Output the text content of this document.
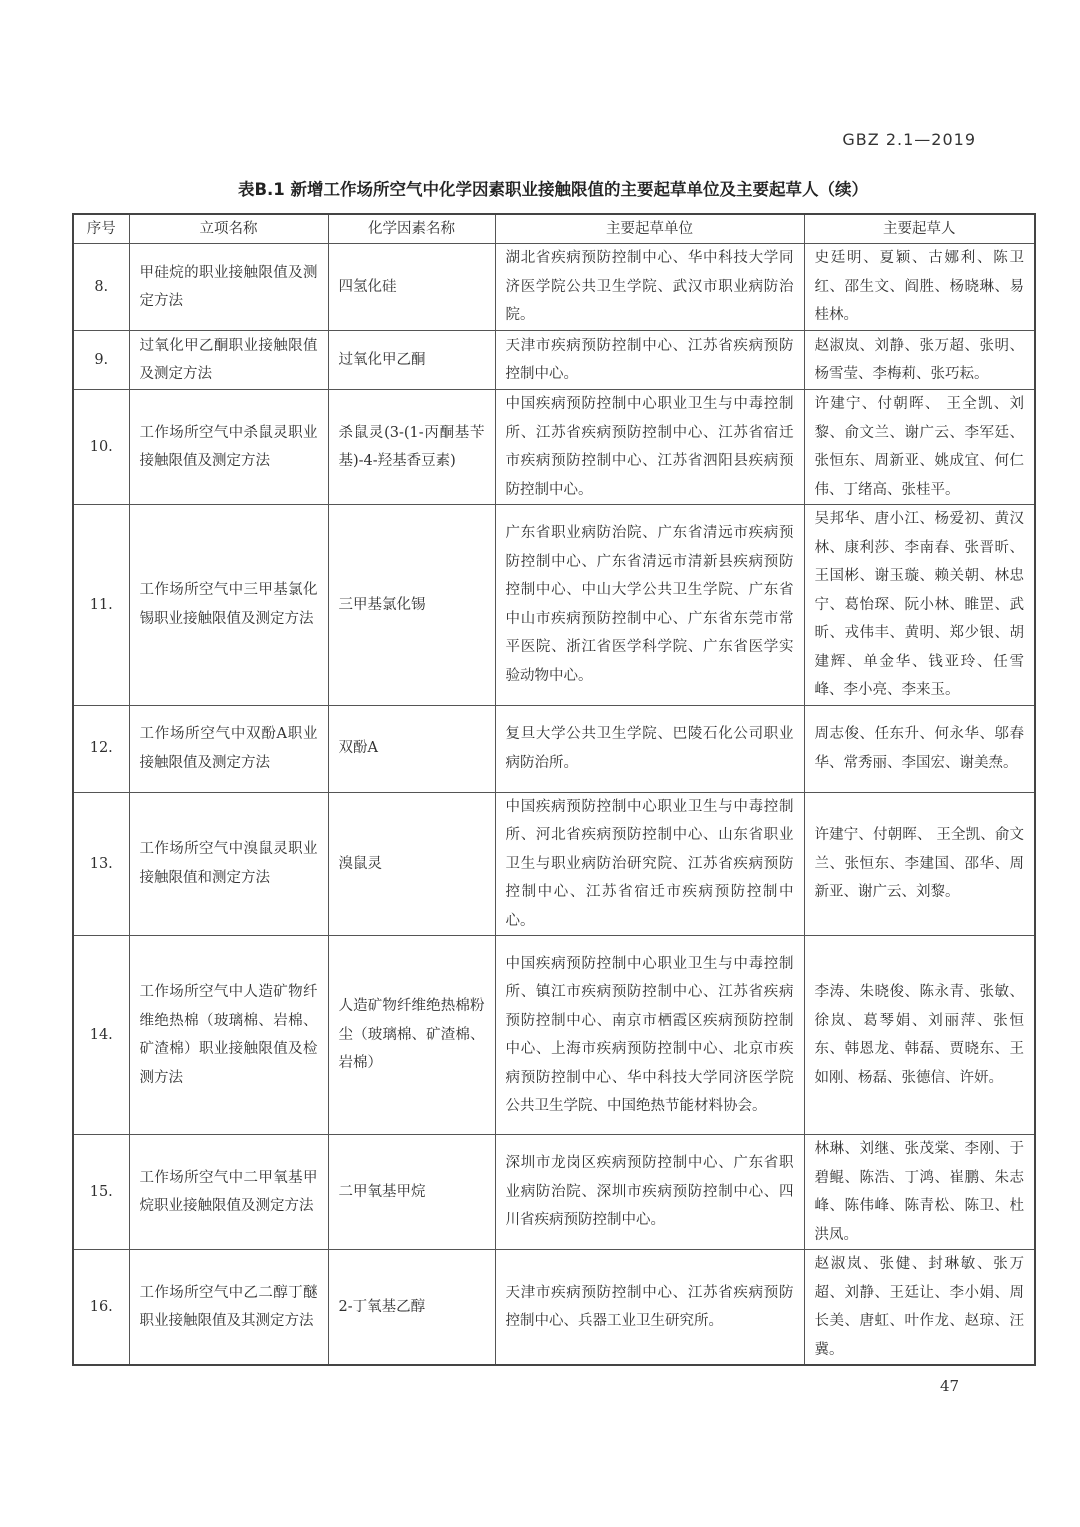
GBZ 2.1—2019
表B.1 新增工作场所空气中化学因素职业接触限值的主要起草单位及主要起草人（续）
序号	立项名称	化学因素名称	主要起草单位	主要起草人
8.	甲硅烷的职业接触限值及测定方法	四氢化硅	湖北省疾病预防控制中心、华中科技大学同济医学院公共卫生学院、武汉市职业病防治院。	史廷明、夏颖、古娜利、陈卫红、邵生文、阎胜、杨晓琳、易桂林。
9.	过氧化甲乙酮职业接触限值及测定方法	过氧化甲乙酮	天津市疾病预防控制中心、江苏省疾病预防控制中心。	赵淑岚、刘静、张万超、张明、杨雪莹、李梅莉、张巧耘。
10.	工作场所空气中杀鼠灵职业接触限值及测定方法	杀鼠灵(3-(1-丙酮基苄基)-4-羟基香豆素)	中国疾病预防控制中心职业卫生与中毒控制所、江苏省疾病预防控制中心、江苏省宿迁市疾病预防控制中心、江苏省泗阳县疾病预防控制中心。	许建宁、付朝晖、 王全凯、刘黎、俞文兰、谢广云、李军廷、张恒东、周新亚、姚成宜、何仁伟、丁绪高、张桂平。
11.	工作场所空气中三甲基氯化锡职业接触限值及测定方法	三甲基氯化锡	广东省职业病防治院、广东省清远市疾病预防控制中心、广东省清远市清新县疾病预防控制中心、中山大学公共卫生学院、广东省中山市疾病预防控制中心、广东省东莞市常平医院、浙江省医学科学院、广东省医学实验动物中心。	吴邦华、唐小江、杨爱初、黄汉林、康利莎、李南春、张晋昕、王国彬、谢玉璇、赖关朝、林忠宁、葛怡琛、阮小林、睢罡、武昕、戎伟丰、黄明、郑少银、胡建辉、单金华、钱亚玲、任雪峰、李小亮、李来玉。
12.	工作场所空气中双酚A职业接触限值及测定方法	双酚A	复旦大学公共卫生学院、巴陵石化公司职业病防治所。	周志俊、任东升、何永华、邬春华、常秀丽、李国宏、谢美焘。
13.	工作场所空气中溴鼠灵职业接触限值和测定方法	溴鼠灵	中国疾病预防控制中心职业卫生与中毒控制所、河北省疾病预防控制中心、山东省职业卫生与职业病防治研究院、江苏省疾病预防控制中心、江苏省宿迁市疾病预防控制中心。	许建宁、付朝晖、 王全凯、俞文兰、张恒东、李建国、邵华、周新亚、谢广云、刘黎。
14.	工作场所空气中人造矿物纤维绝热棉（玻璃棉、岩棉、矿渣棉）职业接触限值及检测方法	人造矿物纤维绝热棉粉尘（玻璃棉、矿渣棉、岩棉）	中国疾病预防控制中心职业卫生与中毒控制所、镇江市疾病预防控制中心、江苏省疾病预防控制中心、南京市栖霞区疾病预防控制中心、上海市疾病预防控制中心、北京市疾病预防控制中心、华中科技大学同济医学院公共卫生学院、中国绝热节能材料协会。	李涛、朱晓俊、陈永青、张敏、徐岚、葛琴娟、刘丽萍、张恒东、韩恩龙、韩磊、贾晓东、王如刚、杨磊、张德信、许妍。
15.	工作场所空气中二甲氧基甲烷职业接触限值及测定方法	二甲氧基甲烷	深圳市龙岗区疾病预防控制中心、广东省职业病防治院、深圳市疾病预防控制中心、四川省疾病预防控制中心。	林琳、刘继、张茂棠、李刚、于碧鲲、陈浩、丁鸿、崔鹏、朱志峰、陈伟峰、陈青松、陈卫、杜洪凤。
16.	工作场所空气中乙二醇丁醚职业接触限值及其测定方法	2-丁氧基乙醇	天津市疾病预防控制中心、江苏省疾病预防控制中心、兵器工业卫生研究所。	赵淑岚、张健、封琳敏、张万超、刘静、王廷让、李小娟、周长美、唐虹、叶作龙、赵琼、汪冀。
47
